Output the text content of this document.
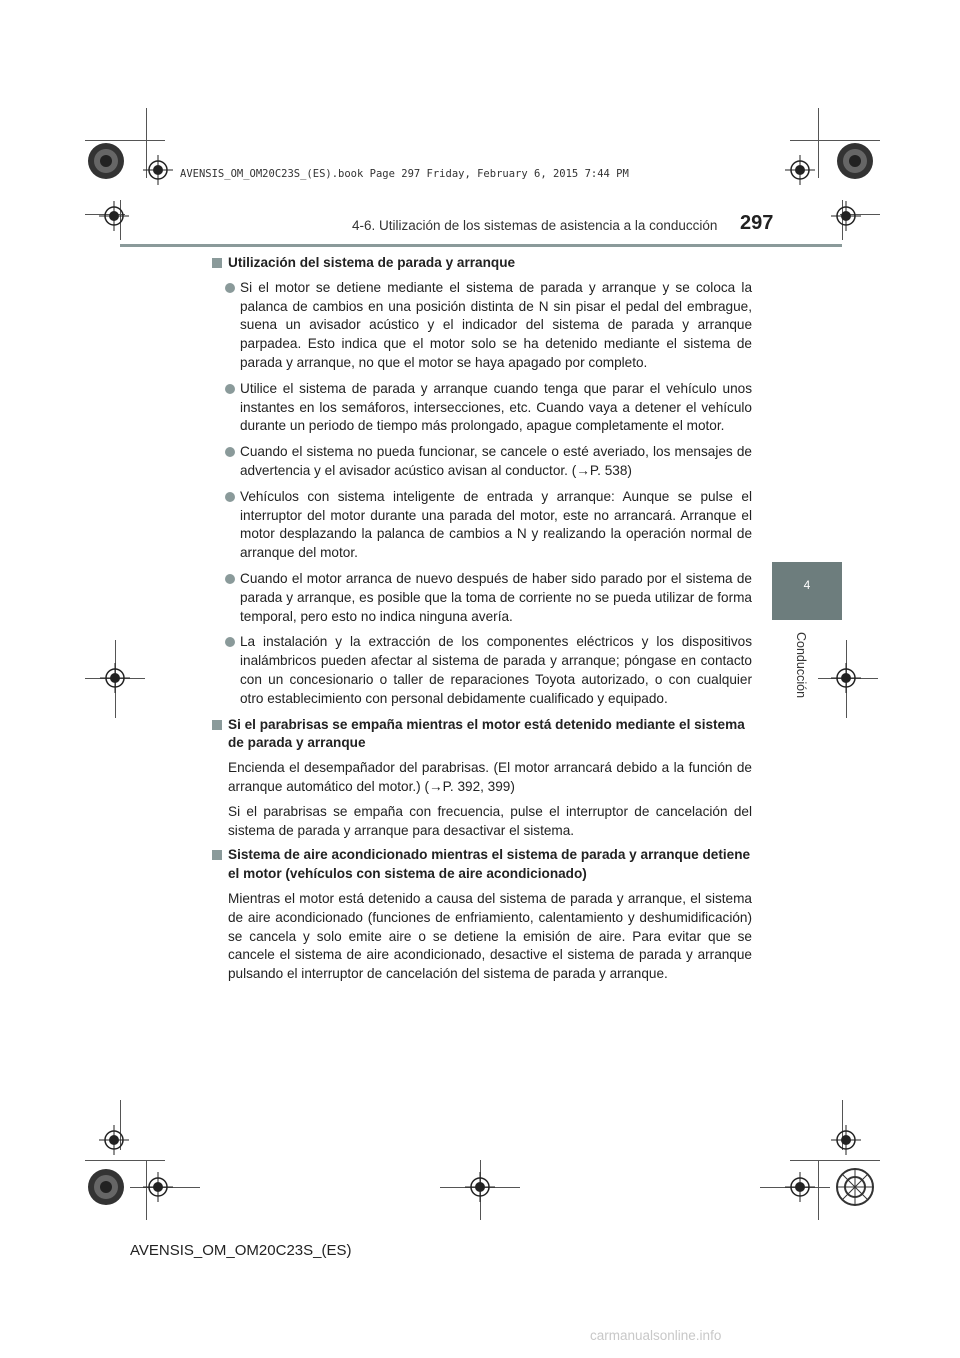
AVENSIS_OM_OM20C23S_(ES).book Page 297 Friday, February 6, 2015 7:44 PM
4-6. Utilización de los sistemas de asistencia a la conducción 297
4
Conducción
Utilización del sistema de parada y arranque
Si el motor se detiene mediante el sistema de parada y arranque y se coloca la palanca de cambios en una posición distinta de N sin pisar el pedal del embrague, suena un avisador acústico y el indicador del sistema de parada y arranque parpadea. Esto indica que el motor solo se ha detenido mediante el sistema de parada y arranque, no que el motor se haya apagado por completo.
Utilice el sistema de parada y arranque cuando tenga que parar el vehículo unos instantes en los semáforos, intersecciones, etc. Cuando vaya a detener el vehículo durante un periodo de tiempo más prolongado, apague completamente el motor.
Cuando el sistema no pueda funcionar, se cancele o esté averiado, los mensajes de advertencia y el avisador acústico avisan al conductor. (→P. 538)
Vehículos con sistema inteligente de entrada y arranque: Aunque se pulse el interruptor del motor durante una parada del motor, este no arrancará. Arranque el motor desplazando la palanca de cambios a N y realizando la operación normal de arranque del motor.
Cuando el motor arranca de nuevo después de haber sido parado por el sistema de parada y arranque, es posible que la toma de corriente no se pueda utilizar de forma temporal, pero esto no indica ninguna avería.
La instalación y la extracción de los componentes eléctricos y los dispositivos inalámbricos pueden afectar al sistema de parada y arranque; póngase en contacto con un concesionario o taller de reparaciones Toyota autorizado, o con cualquier otro establecimiento con personal debidamente cualificado y equipado.
Si el parabrisas se empaña mientras el motor está detenido mediante el sistema de parada y arranque

Encienda el desempañador del parabrisas. (El motor arrancará debido a la función de arranque automático del motor.) (→P. 392, 399)

Si el parabrisas se empaña con frecuencia, pulse el interruptor de cancelación del sistema de parada y arranque para desactivar el sistema.

Sistema de aire acondicionado mientras el sistema de parada y arranque detiene el motor (vehículos con sistema de aire acondicionado)

Mientras el motor está detenido a causa del sistema de parada y arranque, el sistema de aire acondicionado (funciones de enfriamiento, calentamiento y deshumidificación) se cancela y solo emite aire o se detiene la emisión de aire. Para evitar que se cancele el sistema de aire acondicionado, desactive el sistema de parada y arranque pulsando el interruptor de cancelación del sistema de parada y arranque.

AVENSIS_OM_OM20C23S_(ES)
carmanualsonline.info
